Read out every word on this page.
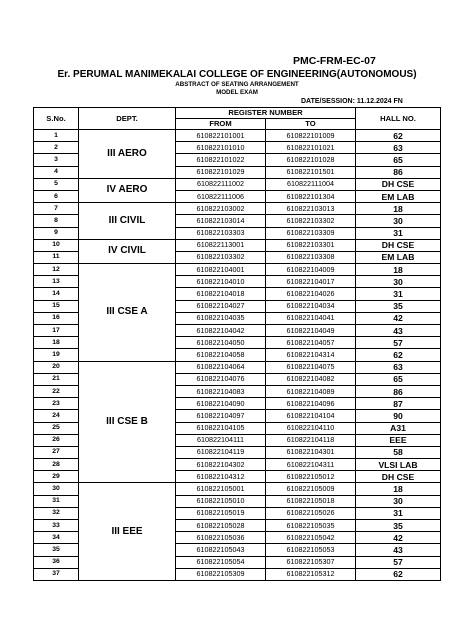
PMC-FRM-EC-07
Er. PERUMAL MANIMEKALAI COLLEGE OF ENGINEERING(AUTONOMOUS)
ABSTRACT OF SEATING ARRANGEMENT
MODEL EXAM
DATE/SESSION: 11.12.2024 FN
S.No.	DEPT.	REGISTER NUMBER		HALL NO.
		FROM	TO	
1	III AERO	610822101001	610822101009	62
2		610822101010	610822101021	63
3		610822101022	610822101028	65
4		610822101029	610822101501	86
5	IV AERO	610822111002	610822111004	DH CSE
6		610822111006	610822101304	EM LAB
7	III CIVIL	610822103002	610822103013	18
8		610822103014	610822103302	30
9		610822103303	610822103309	31
10	IV CIVIL	610822113001	610822103301	DH CSE
11		610822103302	610822103308	EM LAB
12	III CSE A	610822104001	610822104009	18
13		610822104010	610822104017	30
14		610822104018	610822104026	31
15		610822104027	610822104034	35
16		610822104035	610822104041	42
17		610822104042	610822104049	43
18		610822104050	610822104057	57
19		610822104058	610822104314	62
20	III CSE B	610822104064	610822104075	63
21		610822104076	610822104082	65
22		610822104083	610822104089	86
23		610822104090	610822104096	87
24		610822104097	610822104104	90
25		610822104105	610822104110	A31
26		610822104111	610822104118	EEE
27		610822104119	610822104301	58
28		610822104302	610822104311	VLSI LAB
29		610822104312	610822105012	DH CSE
30	III EEE	610822105001	610822105009	18
31		610822105010	610822105018	30
32		610822105019	610822105026	31
33		610822105028	610822105035	35
34		610822105036	610822105042	42
35		610822105043	610822105053	43
36		610822105054	610822105307	57
37		610822105309	610822105312	62
